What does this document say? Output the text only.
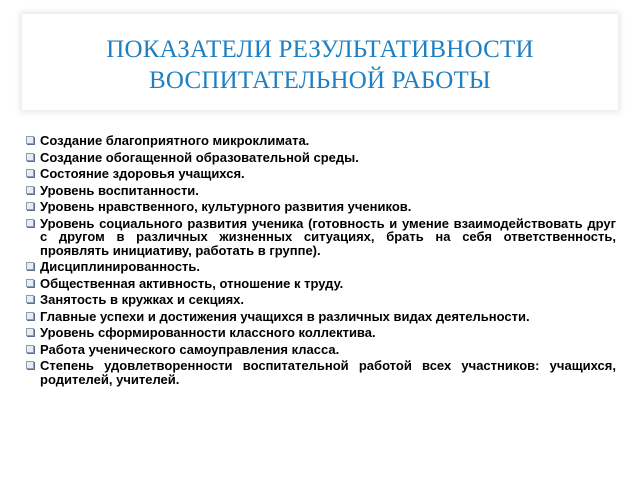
ПОКАЗАТЕЛИ РЕЗУЛЬТАТИВНОСТИ
ВОСПИТАТЕЛЬНОЙ РАБОТЫ
Создание благоприятного микроклимата.
Создание обогащенной образовательной среды.
Состояние здоровья учащихся.
Уровень воспитанности.
Уровень нравственного, культурного развития учеников.
Уровень социального развития ученика (готовность и умение взаимодействовать друг с другом в различных жизненных ситуациях, брать на себя ответственность, проявлять инициативу, работать в группе).
Дисциплинированность.
Общественная активность, отношение к труду.
Занятость в кружках и секциях.
Главные успехи и достижения учащихся в различных видах деятельности.
Уровень сформированности классного коллектива.
Работа ученического самоуправления класса.
Степень удовлетворенности воспитательной работой всех участников: учащихся, родителей, учителей.
